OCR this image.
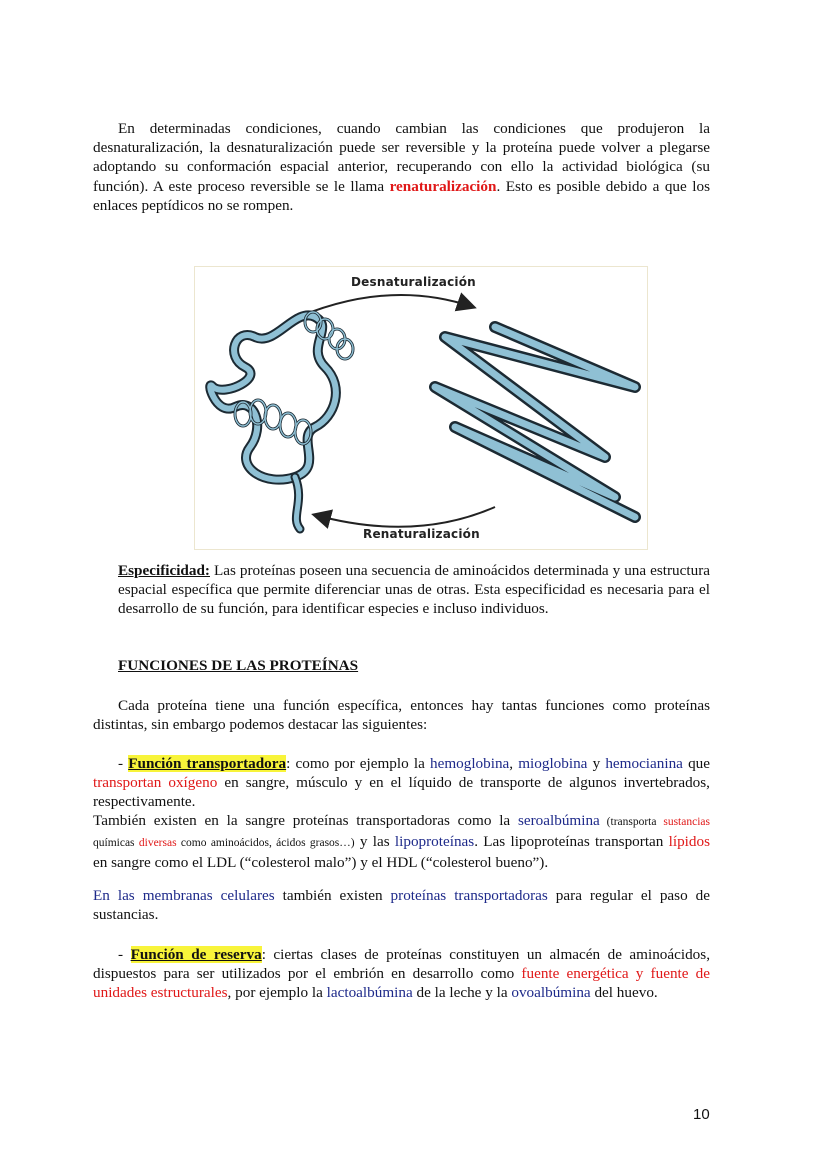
En determinadas condiciones, cuando cambian las condiciones que produjeron la desnaturalización, la desnaturalización puede ser reversible y la proteína puede volver a plegarse adoptando su conformación espacial anterior, recuperando con ello la actividad biológica (su función). A este proceso reversible se le llama renaturalización. Esto es posible debido a que los enlaces peptídicos no se rompen.

Desnaturalización
Renaturalización

Especificidad: Las proteínas poseen una secuencia de aminoácidos determinada y una estructura espacial específica que permite diferenciar unas de otras. Esta especificidad es necesaria para el desarrollo de su función, para identificar especies e incluso individuos.

FUNCIONES DE LAS PROTEÍNAS

Cada proteína tiene una función específica, entonces hay tantas funciones como proteínas distintas, sin embargo podemos destacar las siguientes:

- Función transportadora: como por ejemplo la hemoglobina, mioglobina y hemocianina que transportan oxígeno en sangre, músculo y en el líquido de transporte de algunos invertebrados, respectivamente.

También existen en la sangre proteínas transportadoras como la seroalbúmina (transporta sustancias químicas diversas como aminoácidos, ácidos grasos…) y las lipoproteínas. Las lipoproteínas transportan lípidos en sangre como el LDL (“colesterol malo”) y el HDL (“colesterol bueno”).

En las membranas celulares también existen proteínas transportadoras para regular el paso de sustancias.

- Función de reserva: ciertas clases de proteínas constituyen un almacén de aminoácidos, dispuestos para ser utilizados por el embrión en desarrollo como fuente energética y fuente de unidades estructurales, por ejemplo la lactoalbúmina de la leche y la ovoalbúmina del huevo.

10
